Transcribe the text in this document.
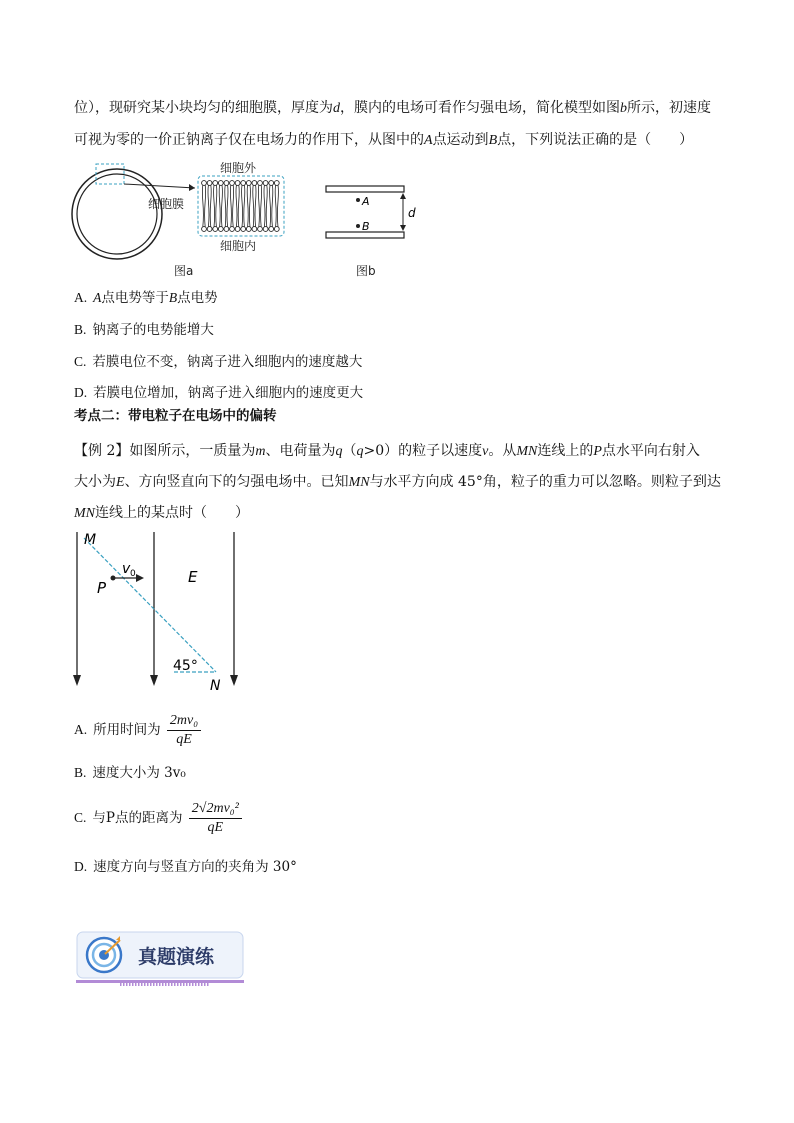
位），现研究某小块均匀的细胞膜，厚度为d，膜内的电场可看作匀强电场，简化模型如图b所示，初速度
可视为零的一价正钠离子仅在电场力的作用下，从图中的A点运动到B点，下列说法正确的是（　　）
细胞膜
细胞外
细胞内
图a
A
B
d
图b
A. A点电势等于B点电势
B. 钠离子的电势能增大
C. 若膜电位不变，钠离子进入细胞内的速度越大
D. 若膜电位增加，钠离子进入细胞内的速度更大
考点二：带电粒子在电场中的偏转
【例 2】如图所示，一质量为m、电荷量为q（q>0）的粒子以速度v。从MN连线上的P点水平向右射入
大小为E、方向竖直向下的匀强电场中。已知MN与水平方向成 45°角，粒子的重力可以忽略。则粒子到达
MN连线上的某点时（　　）
M
v 0
P
E
45°
N
A. 所用时间为 $\frac{\text{2mv₀}}{qE}$
B. 速度大小为 3v₀
C. 与P点的距离为 $\frac{\text{2√2mv₀²}}{qE}$
D. 速度方向与竖直方向的夹角为 30°
真题演练
